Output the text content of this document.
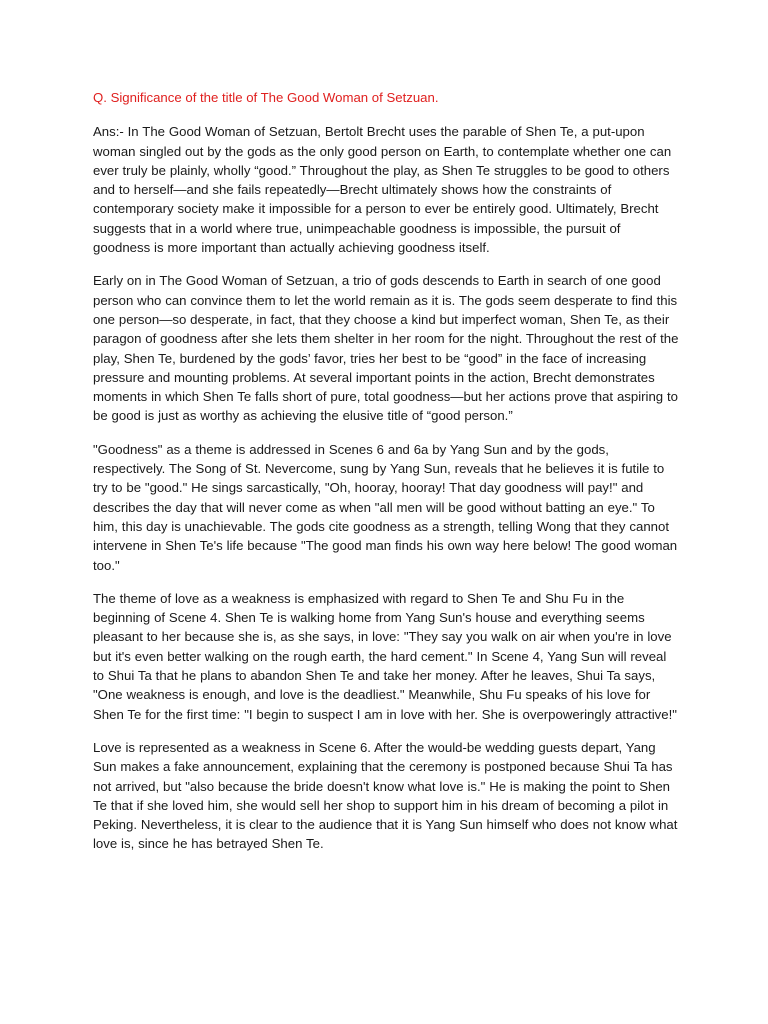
Q. Significance of the title of The Good Woman of Setzuan.

Ans:- In The Good Woman of Setzuan, Bertolt Brecht uses the parable of Shen Te, a put-upon woman singled out by the gods as the only good person on Earth, to contemplate whether one can ever truly be plainly, wholly “good.” Throughout the play, as Shen Te struggles to be good to others and to herself—and she fails repeatedly—Brecht ultimately shows how the constraints of contemporary society make it impossible for a person to ever be entirely good. Ultimately, Brecht suggests that in a world where true, unimpeachable goodness is impossible, the pursuit of goodness is more important than actually achieving goodness itself.

Early on in The Good Woman of Setzuan, a trio of gods descends to Earth in search of one good person who can convince them to let the world remain as it is. The gods seem desperate to find this one person—so desperate, in fact, that they choose a kind but imperfect woman, Shen Te, as their paragon of goodness after she lets them shelter in her room for the night. Throughout the rest of the play, Shen Te, burdened by the gods’ favor, tries her best to be “good” in the face of increasing pressure and mounting problems. At several important points in the action, Brecht demonstrates moments in which Shen Te falls short of pure, total goodness—but her actions prove that aspiring to be good is just as worthy as achieving the elusive title of “good person.”

"Goodness" as a theme is addressed in Scenes 6 and 6a by Yang Sun and by the gods, respectively. The Song of St. Nevercome, sung by Yang Sun, reveals that he believes it is futile to try to be "good." He sings sarcastically, "Oh, hooray, hooray! That day goodness will pay!" and describes the day that will never come as when "all men will be good without batting an eye." To him, this day is unachievable. The gods cite goodness as a strength, telling Wong that they cannot intervene in Shen Te's life because "The good man finds his own way here below! The good woman too."

The theme of love as a weakness is emphasized with regard to Shen Te and Shu Fu in the beginning of Scene 4. Shen Te is walking home from Yang Sun's house and everything seems pleasant to her because she is, as she says, in love: "They say you walk on air when you're in love but it's even better walking on the rough earth, the hard cement." In Scene 4, Yang Sun will reveal to Shui Ta that he plans to abandon Shen Te and take her money. After he leaves, Shui Ta says, "One weakness is enough, and love is the deadliest." Meanwhile, Shu Fu speaks of his love for Shen Te for the first time: "I begin to suspect I am in love with her. She is overpoweringly attractive!"

Love is represented as a weakness in Scene 6. After the would-be wedding guests depart, Yang Sun makes a fake announcement, explaining that the ceremony is postponed because Shui Ta has not arrived, but "also because the bride doesn't know what love is." He is making the point to Shen Te that if she loved him, she would sell her shop to support him in his dream of becoming a pilot in Peking. Nevertheless, it is clear to the audience that it is Yang Sun himself who does not know what love is, since he has betrayed Shen Te.
